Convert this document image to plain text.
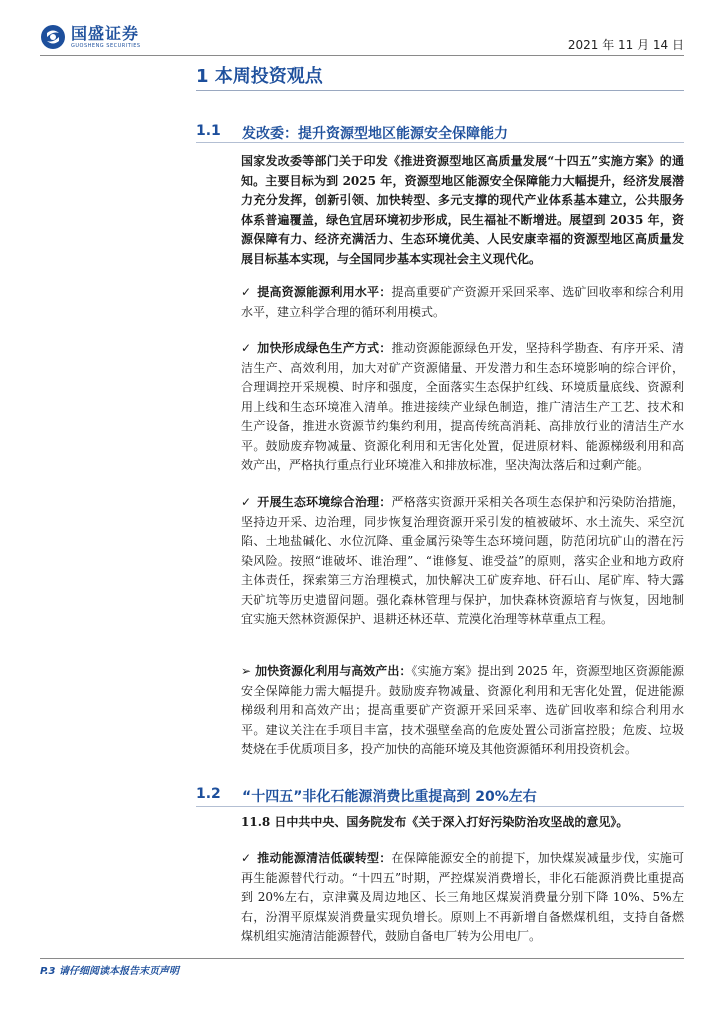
国盛证券
GUOSHENG SECURITIES	2021 年 11 月 14 日
1 本周投资观点
1.1 发改委：提升资源型地区能源安全保障能力

国家发改委等部门关于印发《推进资源型地区高质量发展“十四五”实施方案》的通知。主要目标为到 2025 年，资源型地区能源安全保障能力大幅提升，经济发展潜力充分发挥，创新引领、加快转型、多元支撑的现代产业体系基本建立，公共服务体系普遍覆盖，绿色宜居环境初步形成，民生福祉不断增进。展望到 2035 年，资源保障有力、经济充满活力、生态环境优美、人民安康幸福的资源型地区高质量发展目标基本实现，与全国同步基本实现社会主义现代化。

✓ 提高资源能源利用水平：提高重要矿产资源开采回采率、选矿回收率和综合利用水平，建立科学合理的循环利用模式。

✓ 加快形成绿色生产方式：推动资源能源绿色开发，坚持科学勘查、有序开采、清洁生产、高效利用，加大对矿产资源储量、开发潜力和生态环境影响的综合评价，合理调控开采规模、时序和强度，全面落实生态保护红线、环境质量底线、资源利用上线和生态环境准入清单。推进接续产业绿色制造，推广清洁生产工艺、技术和生产设备，推进水资源节约集约利用，提高传统高消耗、高排放行业的清洁生产水平。鼓励废弃物减量、资源化利用和无害化处置，促进原材料、能源梯级利用和高效产出，严格执行重点行业环境准入和排放标准，坚决淘汰落后和过剩产能。

✓ 开展生态环境综合治理：严格落实资源开采相关各项生态保护和污染防治措施，坚持边开采、边治理，同步恢复治理资源开采引发的植被破坏、水土流失、采空沉陷、土地盐碱化、水位沉降、重金属污染等生态环境问题，防范闭坑矿山的潜在污染风险。按照“谁破坏、谁治理”、“谁修复、谁受益”的原则，落实企业和地方政府主体责任，探索第三方治理模式，加快解决工矿废弃地、矸石山、尾矿库、特大露天矿坑等历史遗留问题。强化森林管理与保护，加快森林资源培育与恢复，因地制宜实施天然林资源保护、退耕还林还草、荒漠化治理等林草重点工程。

➢ 加快资源化利用与高效产出：《实施方案》提出到 2025 年，资源型地区资源能源安全保障能力需大幅提升。鼓励废弃物减量、资源化利用和无害化处置，促进能源梯级利用和高效产出；提高重要矿产资源开采回采率、选矿回收率和综合利用水平。建议关注在手项目丰富，技术强壁垒高的危废处置公司浙富控股；危废、垃圾焚烧在手优质项目多，投产加快的高能环境及其他资源循环利用投资机会。

1.2 “十四五”非化石能源消费比重提高到 20%左右

11.8 日中共中央、国务院发布《关于深入打好污染防治攻坚战的意见》。

✓ 推动能源清洁低碳转型：在保障能源安全的前提下，加快煤炭减量步伐，实施可再生能源替代行动。“十四五”时期，严控煤炭消费增长，非化石能源消费比重提高到 20%左右，京津冀及周边地区、长三角地区煤炭消费量分别下降 10%、5%左右，汾渭平原煤炭消费量实现负增长。原则上不再新增自备燃煤机组，支持自备燃煤机组实施清洁能源替代，鼓励自备电厂转为公用电厂。

P.3 请仔细阅读本报告末页声明
